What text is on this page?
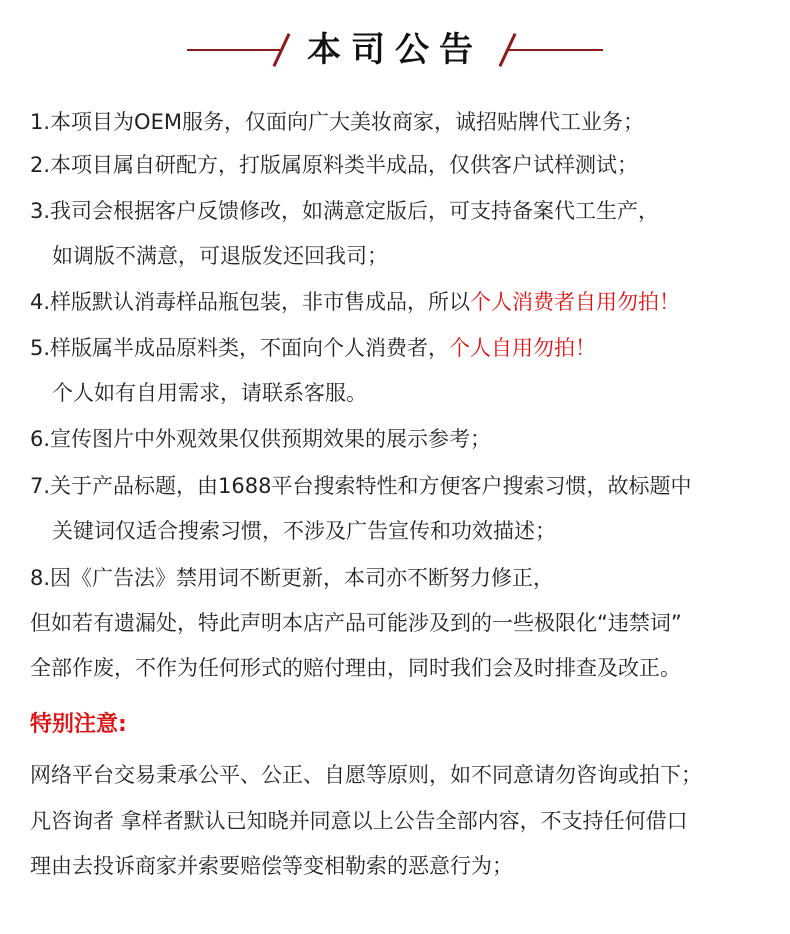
本司公告
1.本项目为OEM服务，仅面向广大美妆商家，诚招贴牌代工业务；
2.本项目属自研配方，打版属原料类半成品，仅供客户试样测试；
3.我司会根据客户反馈修改，如满意定版后，可支持备案代工生产，
如调版不满意，可退版发还回我司；
4.样版默认消毒样品瓶包装，非市售成品，所以个人消费者自用勿拍！
5.样版属半成品原料类，不面向个人消费者，个人自用勿拍！
个人如有自用需求，请联系客服。
6.宣传图片中外观效果仅供预期效果的展示参考；
7.关于产品标题，由1688平台搜索特性和方便客户搜索习惯，故标题中
关键词仅适合搜索习惯，不涉及广告宣传和功效描述；
8.因《广告法》禁用词不断更新，本司亦不断努力修正，
但如若有遗漏处，特此声明本店产品可能涉及到的一些极限化“违禁词”
全部作废，不作为任何形式的赔付理由，同时我们会及时排查及改正。
特别注意:
网络平台交易秉承公平、公正、自愿等原则，如不同意请勿咨询或拍下；
凡咨询者 拿样者默认已知晓并同意以上公告全部内容，不支持任何借口
理由去投诉商家并索要赔偿等变相勒索的恶意行为；
